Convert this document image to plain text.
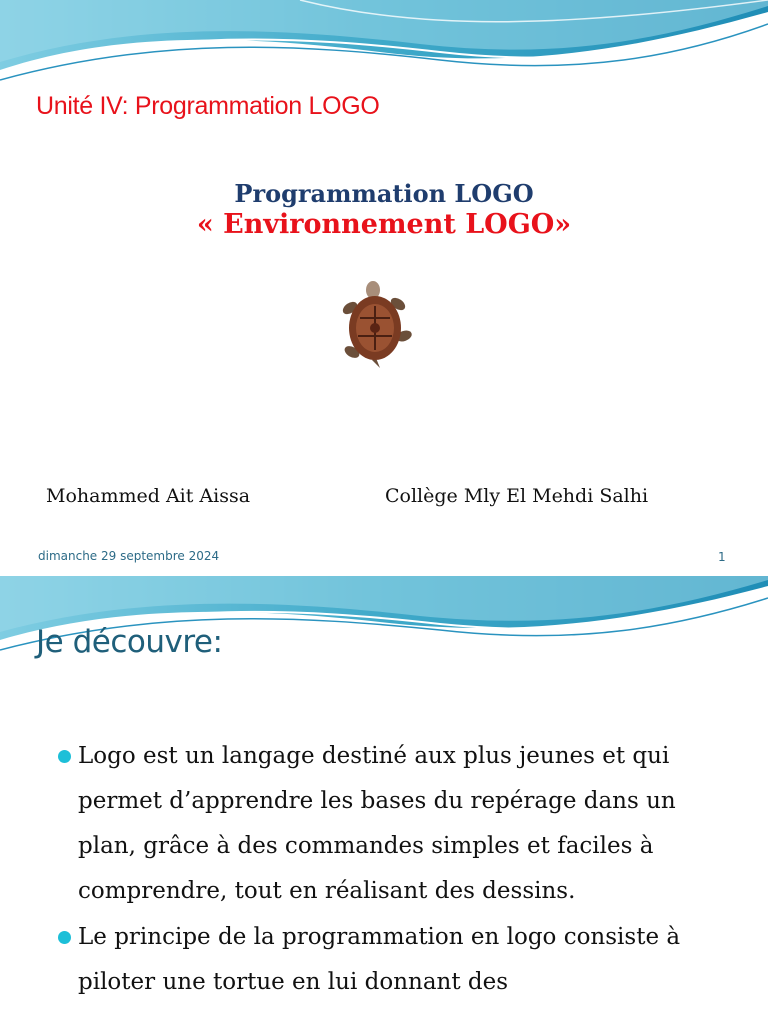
Unité IV: Programmation LOGO
Programmation LOGO
« Environnement LOGO»
Mohammed Ait Aissa	Collège Mly El Mehdi Salhi
dimanche 29 septembre 2024	1
Je découvre:
Logo est un langage destiné aux plus jeunes et qui permet d’apprendre les bases du repérage dans un plan, grâce à des commandes simples et faciles à comprendre, tout en réalisant des dessins.
Le principe de la programmation en logo consiste à piloter une tortue en lui donnant des
